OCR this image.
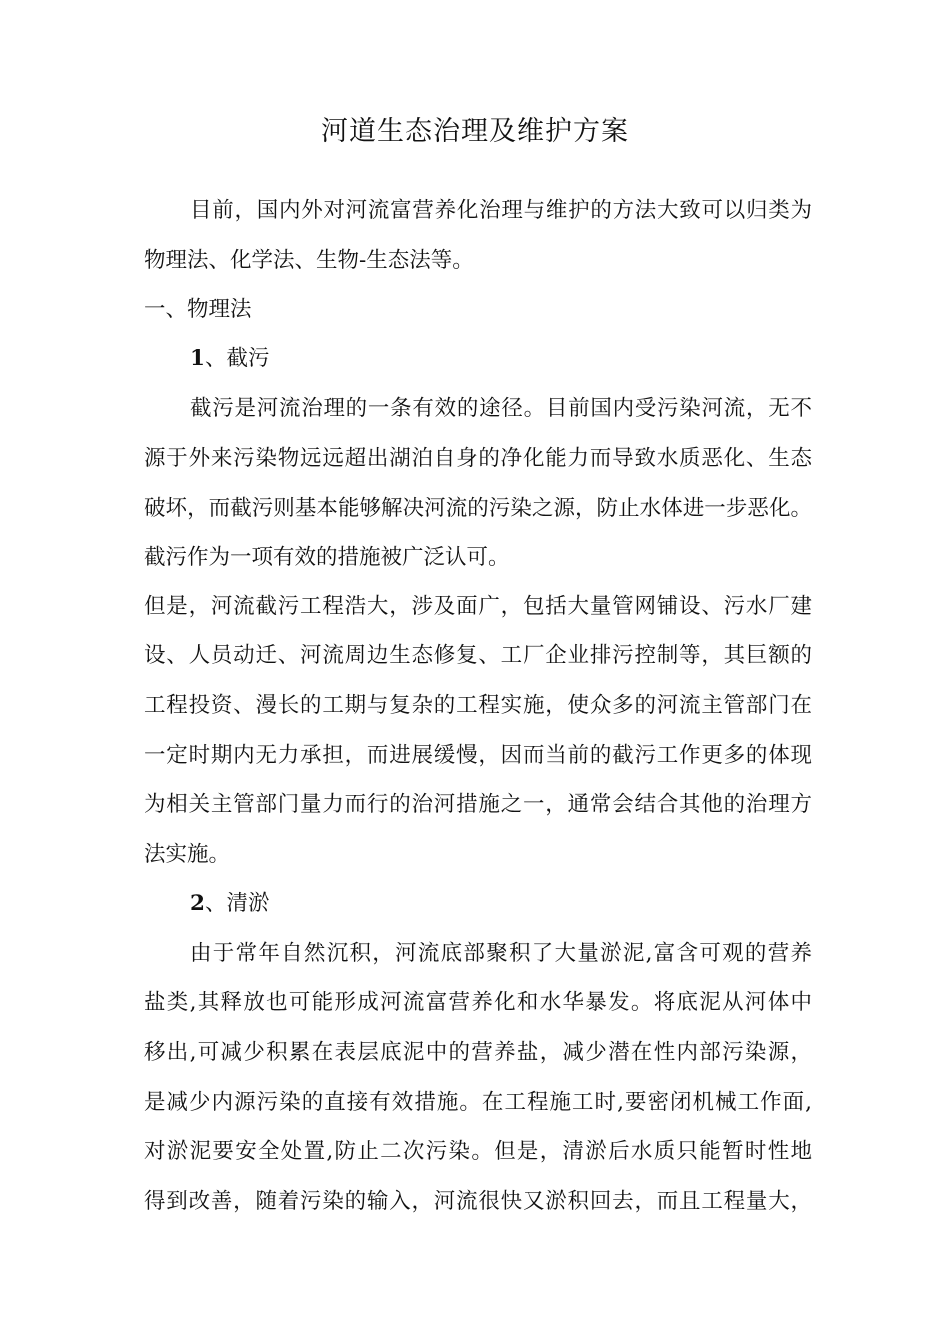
河道生态治理及维护方案
目前，国内外对河流富营养化治理与维护的方法大致可以归类为
物理法、化学法、生物-生态法等。
一、物理法
1、截污
截污是河流治理的一条有效的途径。目前国内受污染河流，无不
源于外来污染物远远超出湖泊自身的净化能力而导致水质恶化、生态
破坏，而截污则基本能够解决河流的污染之源，防止水体进一步恶化。
截污作为一项有效的措施被广泛认可。
但是，河流截污工程浩大，涉及面广，包括大量管网铺设、污水厂建
设、人员动迁、河流周边生态修复、工厂企业排污控制等，其巨额的
工程投资、漫长的工期与复杂的工程实施，使众多的河流主管部门在
一定时期内无力承担，而进展缓慢，因而当前的截污工作更多的体现
为相关主管部门量力而行的治河措施之一，通常会结合其他的治理方
法实施。
2、清淤
由于常年自然沉积，河流底部聚积了大量淤泥,富含可观的营养
盐类,其释放也可能形成河流富营养化和水华暴发。将底泥从河体中
移出,可减少积累在表层底泥中的营养盐，减少潜在性内部污染源，
是减少内源污染的直接有效措施。在工程施工时,要密闭机械工作面,
对淤泥要安全处置,防止二次污染。但是，清淤后水质只能暂时性地
得到改善，随着污染的输入，河流很快又淤积回去，而且工程量大，
